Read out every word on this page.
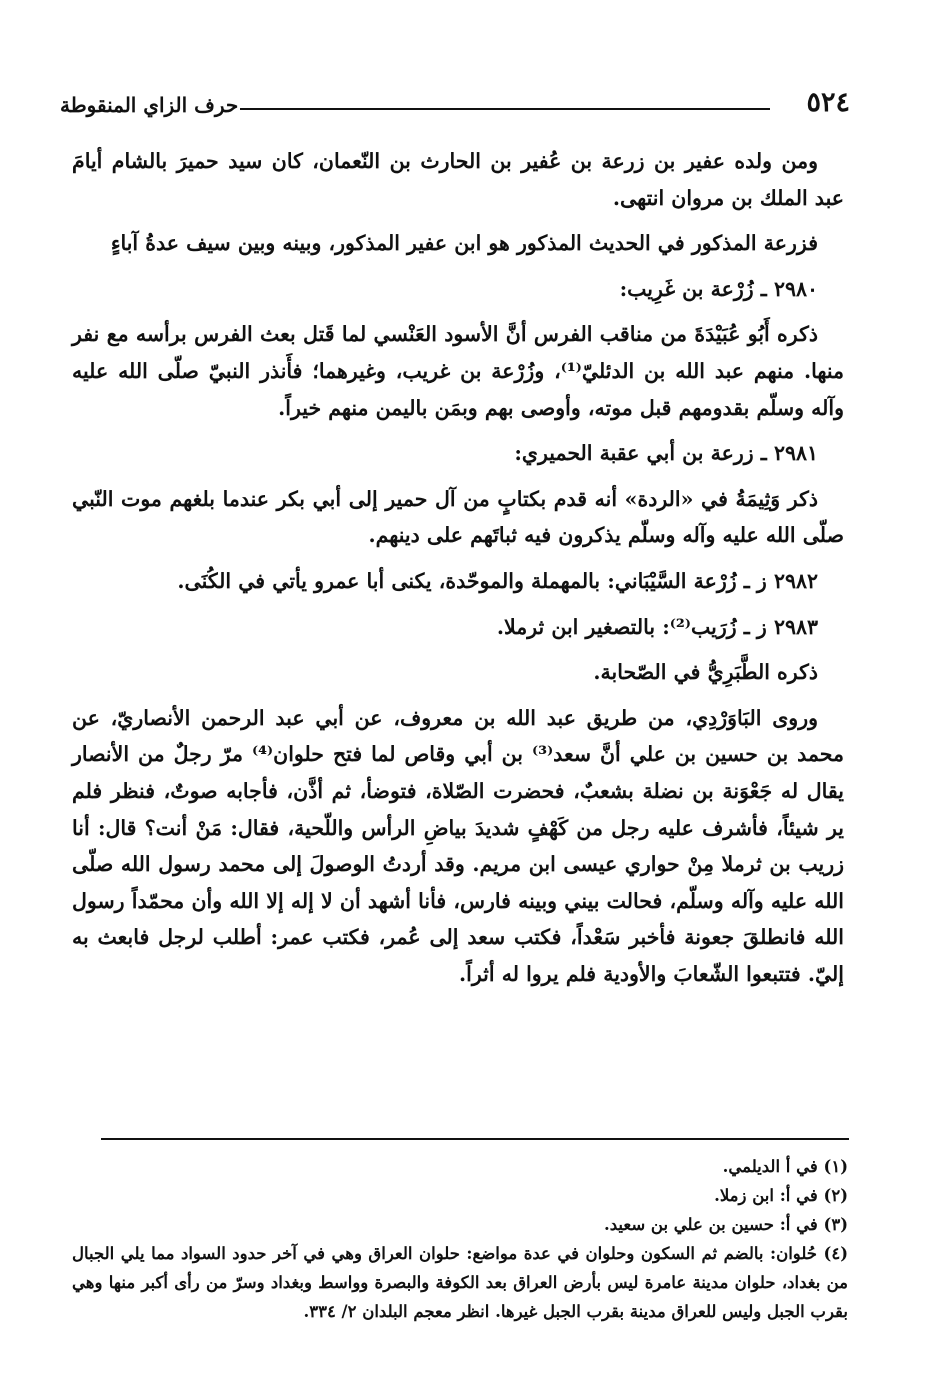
٥٢٤
حرف الزاي المنقوطة

ومن ولده عفير بن زرعة بن عُفير بن الحارث بن النّعمان، كان سيد حميرَ بالشام أيامَ عبد الملك بن مروان انتهى.

فزرعة المذكور في الحديث المذكور هو ابن عفير المذكور، وبينه وبين سيف عدةُ آباءٍ

٢٩٨٠ ـ زُرْعة بن غَرِيب:

ذكره أَبُو عُبَيْدَةَ من مناقب الفرس أنَّ الأسود العَنْسي لما قَتل بعث الفرس برأسه مع نفر منها. منهم عبد الله بن الدئليّ⁽¹⁾، وزُرْعة بن غريب، وغيرهما؛ فأَنذر النبيّ صلّى الله عليه وآله وسلّم بقدومهم قبل موته، وأوصى بهم وبمَن باليمن منهم خيراً.

٢٩٨١ ـ زرعة بن أبي عقبة الحميري:

ذكر وَثِيمَةُ في «الردة» أنه قدم بكتابٍ من آل حمير إلى أبي بكر عندما بلغهم موت النّبي صلّى الله عليه وآله وسلّم يذكرون فيه ثباتَهم على دينهم.

٢٩٨٢ ز ـ زُرْعة السَّيْبَاني: بالمهملة والموحّدة، يكنى أبا عمرو يأتي في الكُنَى.

٢٩٨٣ ز ـ زُرَيب⁽²⁾: بالتصغير ابن ثرملا.

ذكره الطَّبَرِيُّ في الصّحابة.

وروى البَاوَرْدِي، من طريق عبد الله بن معروف، عن أبي عبد الرحمن الأنصاريّ، عن محمد بن حسين بن علي أنَّ سعد⁽³⁾ بن أبي وقاص لما فتح حلوان⁽⁴⁾ مرّ رجلٌ من الأنصار يقال له جَعْوَنة بن نضلة بشعبٌ، فحضرت الصّلاة، فتوضأ، ثم أذَّن، فأجابه صوتٌ، فنظر فلم ير شيئاً، فأشرف عليه رجل من كَهْفٍ شديدَ بياضِ الرأس واللّحية، فقال: مَنْ أنت؟ قال: أنا زريب بن ثرملا مِنْ حواري عيسى ابن مريم. وقد أردتُ الوصولَ إلى محمد رسول الله صلّى الله عليه وآله وسلّم، فحالت بيني وبينه فارس، فأنا أشهد أن لا إله إلا الله وأن محمّداً رسول الله فانطلقَ جعونة فأخبر سَعْداً، فكتب سعد إلى عُمر، فكتب عمر: أطلب لرجل فابعث به إليّ. فتتبعوا الشّعابَ والأودية فلم يروا له أثراً.

(١) في أ الديلمي.

(٢) في أ: ابن زملا.

(٣) في أ: حسين بن علي بن سعيد.

(٤) حُلوان: بالضم ثم السكون وحلوان في عدة مواضع: حلوان العراق وهي في آخر حدود السواد مما يلي الجبال من بغداد، حلوان مدينة عامرة ليس بأرض العراق بعد الكوفة والبصرة وواسط وبغداد وسرّ من رأى أكبر منها وهي بقرب الجبل وليس للعراق مدينة بقرب الجبل غيرها. انظر معجم البلدان ٢/ ٣٣٤.
